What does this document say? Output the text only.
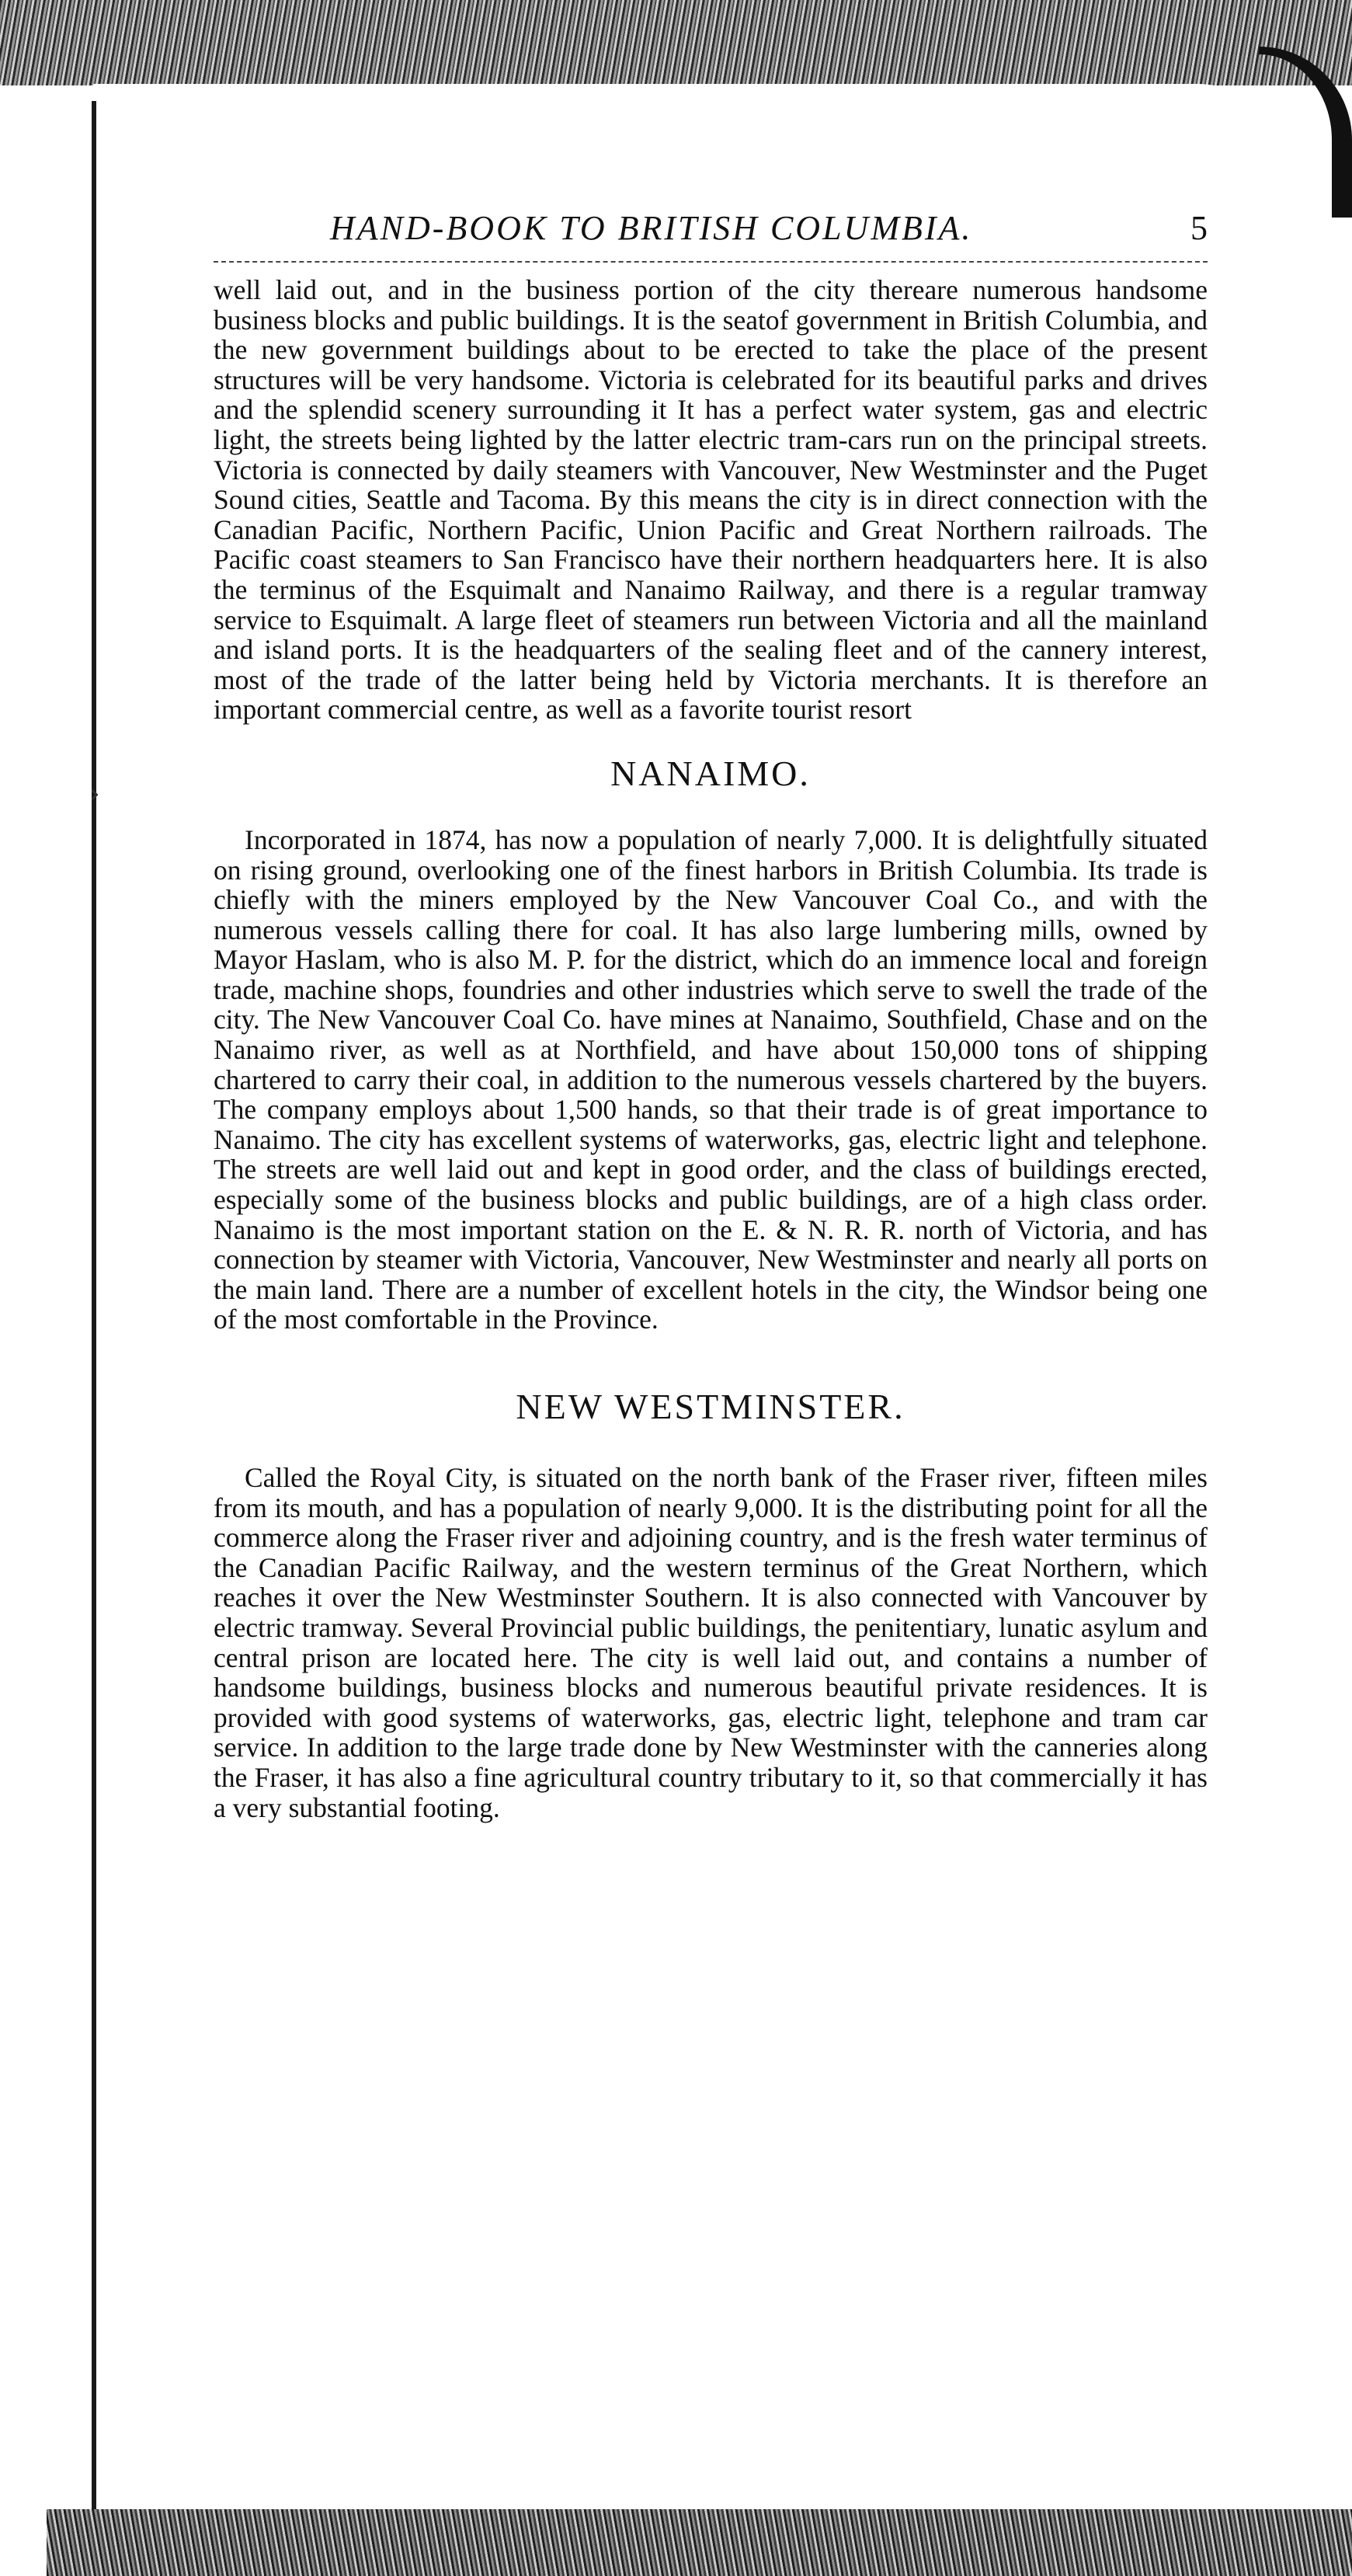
›
HAND-BOOK TO BRITISH COLUMBIA.	5

well laid out, and in the business portion of the city thereare numerous handsome business blocks and public buildings. It is the seatof government in British Columbia, and the new government buildings about to be erected to take the place of the present structures will be very handsome. Victoria is celebrated for its beautiful parks and drives and the splendid scenery surrounding it It has a perfect water system, gas and electric light, the streets being lighted by the latter electric tram-cars run on the principal streets. Victoria is connected by daily steamers with Vancouver, New Westminster and the Puget Sound cities, Seattle and Tacoma. By this means the city is in direct connection with the Canadian Pacific, Northern Pacific, Union Pacific and Great Northern railroads. The Pacific coast steamers to San Francisco have their northern headquarters here. It is also the terminus of the Esquimalt and Nanaimo Railway, and there is a regular tramway service to Esquimalt. A large fleet of steamers run between Victoria and all the mainland and island ports. It is the headquarters of the sealing fleet and of the cannery interest, most of the trade of the latter being held by Victoria merchants. It is therefore an important commercial centre, as well as a favorite tourist resort

NANAIMO.

Incorporated in 1874, has now a population of nearly 7,000. It is delightfully situated on rising ground, overlooking one of the finest harbors in British Columbia. Its trade is chiefly with the miners employed by the New Vancouver Coal Co., and with the numerous vessels calling there for coal. It has also large lumbering mills, owned by Mayor Haslam, who is also M. P. for the district, which do an immence local and foreign trade, machine shops, foundries and other industries which serve to swell the trade of the city. The New Vancouver Coal Co. have mines at Nanaimo, Southfield, Chase and on the Nanaimo river, as well as at Northfield, and have about 150,000 tons of shipping chartered to carry their coal, in addition to the numerous vessels chartered by the buyers. The company employs about 1,500 hands, so that their trade is of great importance to Nanaimo. The city has excellent systems of waterworks, gas, electric light and telephone. The streets are well laid out and kept in good order, and the class of buildings erected, especially some of the business blocks and public buildings, are of a high class order. Nanaimo is the most important station on the E. & N. R. R. north of Victoria, and has connection by steamer with Victoria, Vancouver, New Westminster and nearly all ports on the main land. There are a number of excellent hotels in the city, the Windsor being one of the most comfortable in the Province.

NEW WESTMINSTER.

Called the Royal City, is situated on the north bank of the Fraser river, fifteen miles from its mouth, and has a population of nearly 9,000. It is the distributing point for all the commerce along the Fraser river and adjoining country, and is the fresh water terminus of the Canadian Pacific Railway, and the western terminus of the Great Northern, which reaches it over the New Westminster Southern. It is also connected with Vancouver by electric tramway. Several Provincial public buildings, the penitentiary, lunatic asylum and central prison are located here. The city is well laid out, and contains a number of handsome buildings, business blocks and numerous beautiful private residences. It is provided with good systems of waterworks, gas, electric light, telephone and tram car service. In addition to the large trade done by New Westminster with the canneries along the Fraser, it has also a fine agricultural country tributary to it, so that commercially it has a very substantial footing.
